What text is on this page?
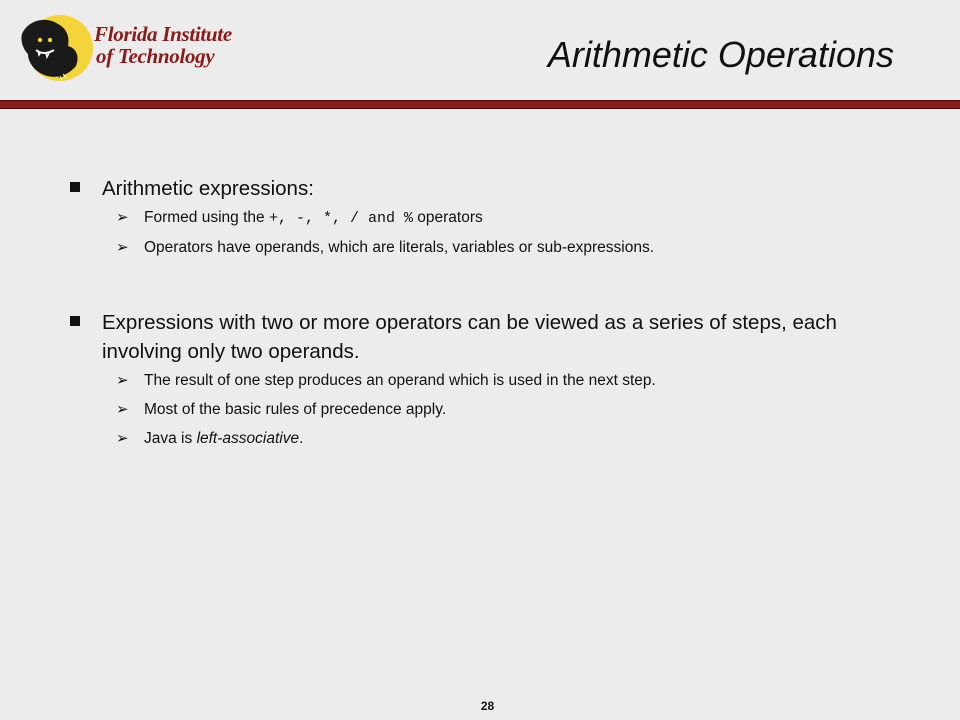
Florida Institute
of Technology	Arithmetic Operations
Arithmetic expressions:
➢ Formed using the +, -, *, / and % operators
➢ Operators have operands, which are literals, variables or sub-expressions.
Expressions with two or more operators can be viewed as a series of steps, each involving only two operands.
➢ The result of one step produces an operand which is used in the next step.
➢ Most of the basic rules of precedence apply.
➢ Java is left-associative.
28
